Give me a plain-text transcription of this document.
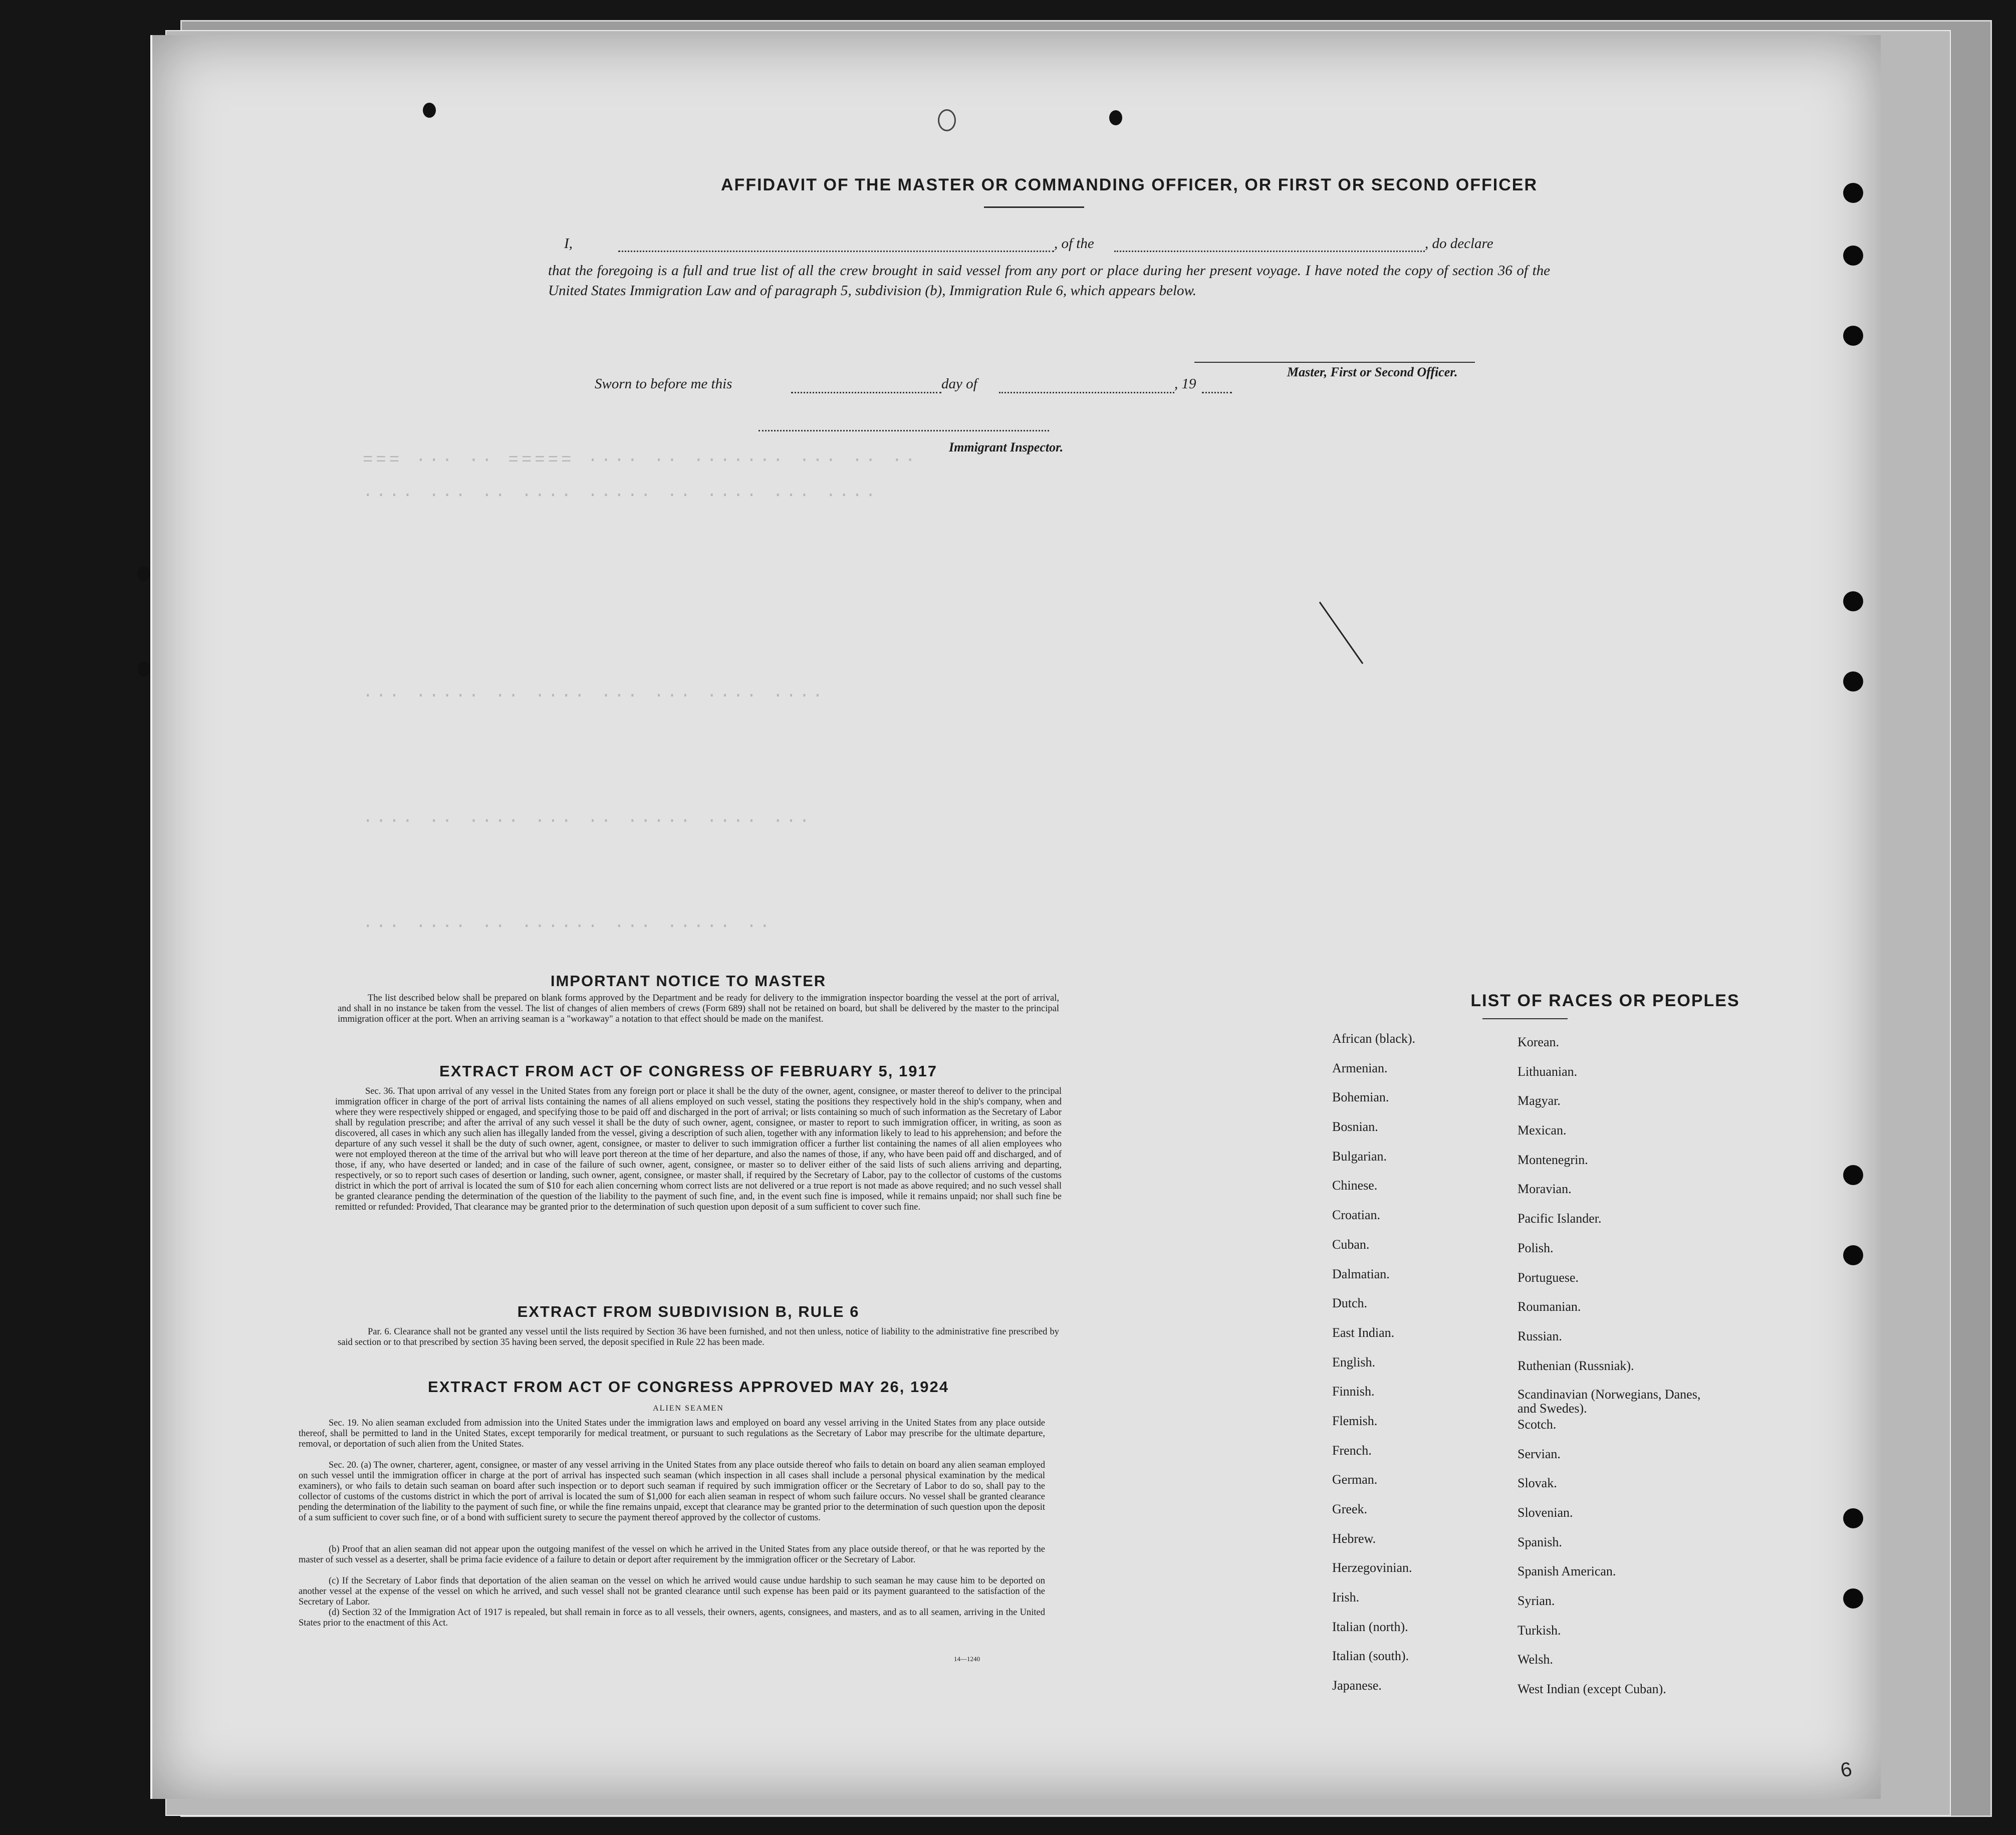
=== ··· ·· ===== ···· ·· ······· ··· ·· ··
···· ··· ·· ···· ····· ·· ···· ··· ····
··· ····· ·· ···· ··· ··· ···· ····
···· ·· ···· ··· ·· ····· ···· ···
··· ···· ·· ······ ··· ····· ··
AFFIDAVIT OF THE MASTER OR COMMANDING OFFICER, OR FIRST OR SECOND OFFICER
I,	, of the	, do declare
that the foregoing is a full and true list of all the crew brought in said vessel from any port or place during her present voyage. I have noted the copy of section 36 of the United States Immigration Law and of paragraph 5, subdivision (b), Immigration Rule 6, which appears below.
Master, First or Second Officer.
Sworn to before me this	day of	, 19
Immigrant Inspector.
IMPORTANT NOTICE TO MASTER
The list described below shall be prepared on blank forms approved by the Department and be ready for delivery to the immigration inspector boarding the vessel at the port of arrival, and shall in no instance be taken from the vessel. The list of changes of alien members of crews (Form 689) shall not be retained on board, but shall be delivered by the master to the principal immigration officer at the port. When an arriving seaman is a "workaway" a notation to that effect should be made on the manifest.
EXTRACT FROM ACT OF CONGRESS OF FEBRUARY 5, 1917
Sec. 36. That upon arrival of any vessel in the United States from any foreign port or place it shall be the duty of the owner, agent, consignee, or master thereof to deliver to the principal immigration officer in charge of the port of arrival lists containing the names of all aliens employed on such vessel, stating the positions they respectively hold in the ship's company, when and where they were respectively shipped or engaged, and specifying those to be paid off and discharged in the port of arrival; or lists containing so much of such information as the Secretary of Labor shall by regulation prescribe; and after the arrival of any such vessel it shall be the duty of such owner, agent, consignee, or master to report to such immigration officer, in writing, as soon as discovered, all cases in which any such alien has illegally landed from the vessel, giving a description of such alien, together with any information likely to lead to his apprehension; and before the departure of any such vessel it shall be the duty of such owner, agent, consignee, or master to deliver to such immigration officer a further list containing the names of all alien employees who were not employed thereon at the time of the arrival but who will leave port thereon at the time of her departure, and also the names of those, if any, who have been paid off and discharged, and of those, if any, who have deserted or landed; and in case of the failure of such owner, agent, consignee, or master so to deliver either of the said lists of such aliens arriving and departing, respectively, or so to report such cases of desertion or landing, such owner, agent, consignee, or master shall, if required by the Secretary of Labor, pay to the collector of customs of the customs district in which the port of arrival is located the sum of $10 for each alien concerning whom correct lists are not delivered or a true report is not made as above required; and no such vessel shall be granted clearance pending the determination of the question of the liability to the payment of such fine, and, in the event such fine is imposed, while it remains unpaid; nor shall such fine be remitted or refunded: Provided, That clearance may be granted prior to the determination of such question upon deposit of a sum sufficient to cover such fine.
EXTRACT FROM SUBDIVISION B, RULE 6
Par. 6. Clearance shall not be granted any vessel until the lists required by Section 36 have been furnished, and not then unless, notice of liability to the administrative fine prescribed by said section or to that prescribed by section 35 having been served, the deposit specified in Rule 22 has been made.
EXTRACT FROM ACT OF CONGRESS APPROVED MAY 26, 1924
ALIEN SEAMEN
Sec. 19. No alien seaman excluded from admission into the United States under the immigration laws and employed on board any vessel arriving in the United States from any place outside thereof, shall be permitted to land in the United States, except temporarily for medical treatment, or pursuant to such regulations as the Secretary of Labor may prescribe for the ultimate departure, removal, or deportation of such alien from the United States.
Sec. 20. (a) The owner, charterer, agent, consignee, or master of any vessel arriving in the United States from any place outside thereof who fails to detain on board any alien seaman employed on such vessel until the immigration officer in charge at the port of arrival has inspected such seaman (which inspection in all cases shall include a personal physical examination by the medical examiners), or who fails to detain such seaman on board after such inspection or to deport such seaman if required by such immigration officer or the Secretary of Labor to do so, shall pay to the collector of customs of the customs district in which the port of arrival is located the sum of $1,000 for each alien seaman in respect of whom such failure occurs. No vessel shall be granted clearance pending the determination of the liability to the payment of such fine, or while the fine remains unpaid, except that clearance may be granted prior to the determination of such question upon the deposit of a sum sufficient to cover such fine, or of a bond with sufficient surety to secure the payment thereof approved by the collector of customs.
(b) Proof that an alien seaman did not appear upon the outgoing manifest of the vessel on which he arrived in the United States from any place outside thereof, or that he was reported by the master of such vessel as a deserter, shall be prima facie evidence of a failure to detain or deport after requirement by the immigration officer or the Secretary of Labor.
(c) If the Secretary of Labor finds that deportation of the alien seaman on the vessel on which he arrived would cause undue hardship to such seaman he may cause him to be deported on another vessel at the expense of the vessel on which he arrived, and such vessel shall not be granted clearance until such expense has been paid or its payment guaranteed to the satisfaction of the Secretary of Labor.
(d) Section 32 of the Immigration Act of 1917 is repealed, but shall remain in force as to all vessels, their owners, agents, consignees, and masters, and as to all seamen, arriving in the United States prior to the enactment of this Act.
14—1240
LIST OF RACES OR PEOPLES
African (black).
Armenian.
Bohemian.
Bosnian.
Bulgarian.
Chinese.
Croatian.
Cuban.
Dalmatian.
Dutch.
East Indian.
English.
Finnish.
Flemish.
French.
German.
Greek.
Hebrew.
Herzegovinian.
Irish.
Italian (north).
Italian (south).
Japanese.
Korean.
Lithuanian.
Magyar.
Mexican.
Montenegrin.
Moravian.
Pacific Islander.
Polish.
Portuguese.
Roumanian.
Russian.
Ruthenian (Russniak).
Scandinavian (Norwegians, Danes, and Swedes).
Scotch.
Servian.
Slovak.
Slovenian.
Spanish.
Spanish American.
Syrian.
Turkish.
Welsh.
West Indian (except Cuban).
6
